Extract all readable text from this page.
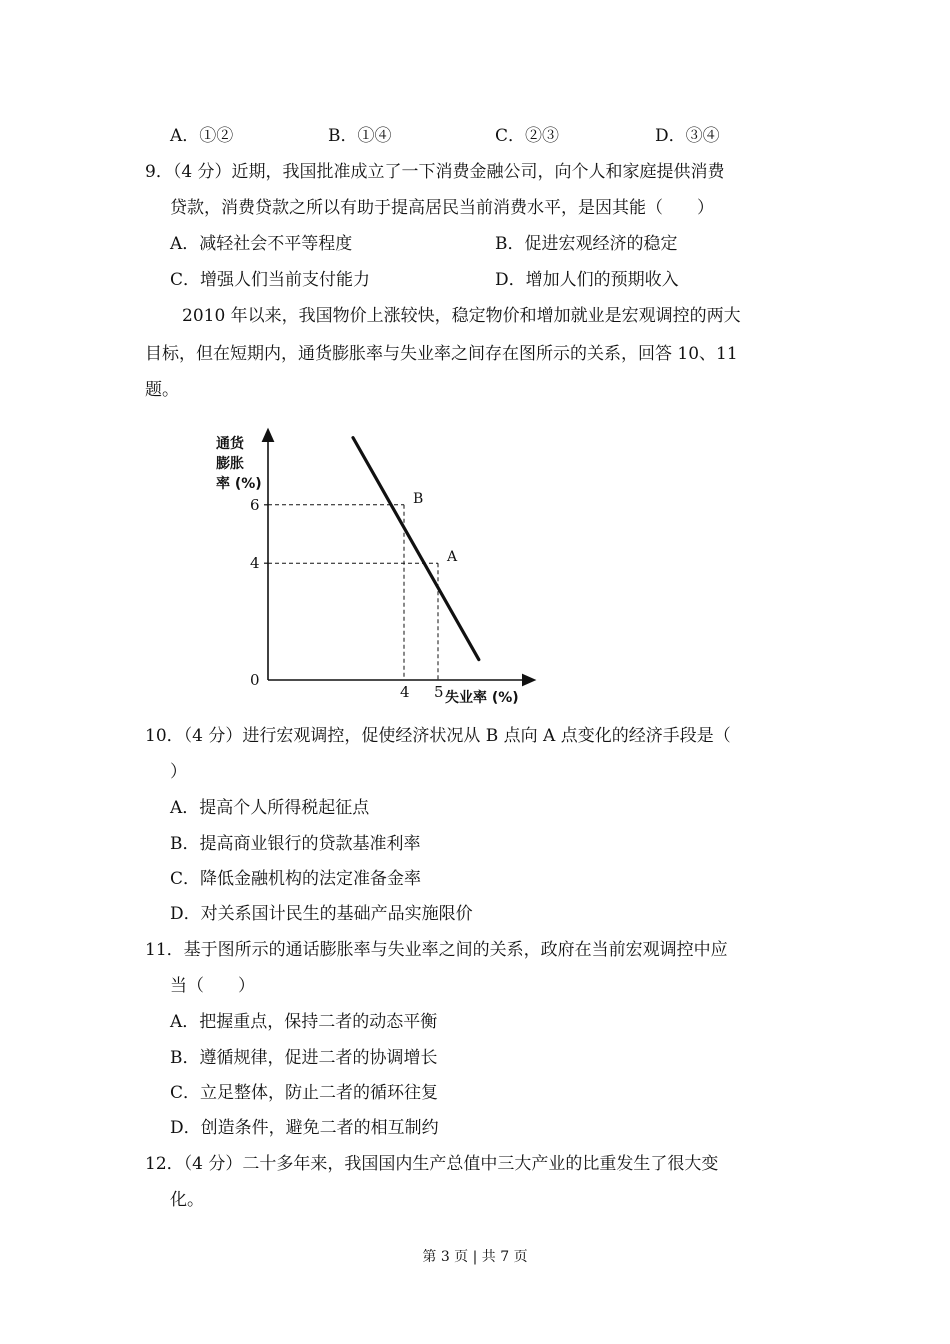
A．①②	B．①④	C．②③	D．③④
9．（4 分）近期，我国批准成立了一下消费金融公司，向个人和家庭提供消费
贷款，消费贷款之所以有助于提高居民当前消费水平，是因其能（　　）
A．减轻社会不平等程度	B．促进宏观经济的稳定
C．增强人们当前支付能力	D．增加人们的预期收入
2010 年以来，我国物价上涨较快，稳定物价和增加就业是宏观调控的两大
目标，但在短期内，通货膨胀率与失业率之间存在图所示的关系，回答 10、11
题。
通货
膨胀
率 (%)
失业率 (%)
0
B
6
4
A
4
5
10．（4 分）进行宏观调控，促使经济状况从 B 点向 A 点变化的经济手段是（
）
A．提高个人所得税起征点
B．提高商业银行的贷款基准利率
C．降低金融机构的法定准备金率
D．对关系国计民生的基础产品实施限价
11．基于图所示的通话膨胀率与失业率之间的关系，政府在当前宏观调控中应
当（　　）
A．把握重点，保持二者的动态平衡
B．遵循规律，促进二者的协调增长
C．立足整体，防止二者的循环往复
D．创造条件，避免二者的相互制约
12．（4 分）二十多年来，我国国内生产总值中三大产业的比重发生了很大变
化。
第 3 页 | 共 7 页
